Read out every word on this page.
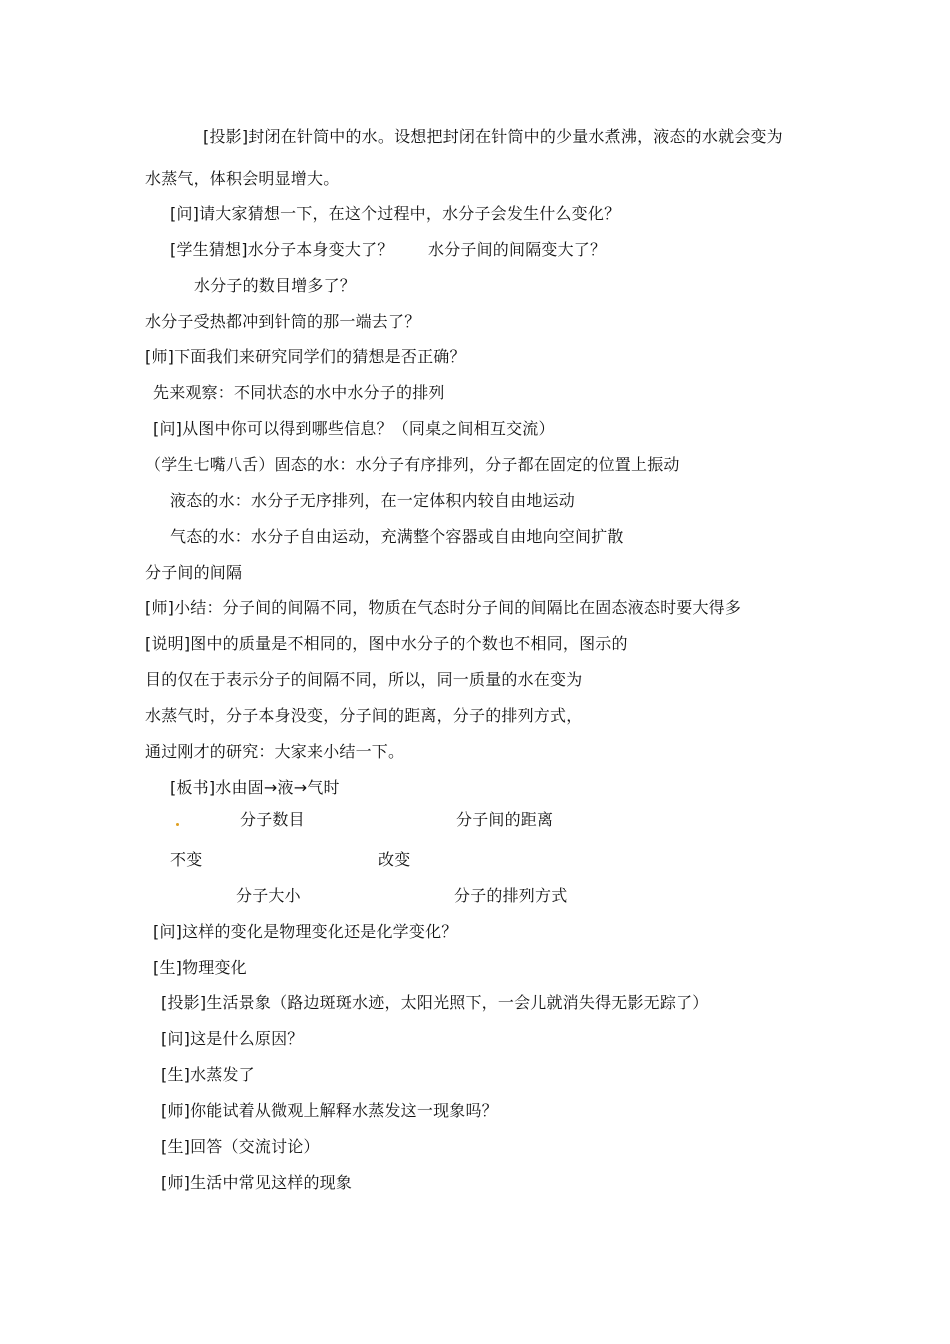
[投影]封闭在针筒中的水。设想把封闭在针筒中的少量水煮沸，液态的水就会变为
水蒸气，体积会明显增大。
[问]请大家猜想一下，在这个过程中，水分子会发生什么变化？
[学生猜想]水分子本身变大了？ 水分子间的间隔变大了？
水分子的数目增多了？
水分子受热都冲到针筒的那一端去了？
[师]下面我们来研究同学们的猜想是否正确？
先来观察：不同状态的水中水分子的排列
[问]从图中你可以得到哪些信息？（同桌之间相互交流）
（学生七嘴八舌）固态的水：水分子有序排列，分子都在固定的位置上振动
液态的水：水分子无序排列，在一定体积内较自由地运动
气态的水：水分子自由运动，充满整个容器或自由地向空间扩散
分子间的间隔
[师]小结：分子间的间隔不同，物质在气态时分子间的间隔比在固态液态时要大得多
[说明]图中的质量是不相同的，图中水分子的个数也不相同，图示的
目的仅在于表示分子的间隔不同，所以，同一质量的水在变为
水蒸气时，分子本身没变，分子间的距离，分子的排列方式，
通过刚才的研究：大家来小结一下。
[板书]水由固→液→气时
分子数目	分子间的距离
不变	改变
分子大小	分子的排列方式
[问]这样的变化是物理变化还是化学变化？
[生]物理变化
[投影]生活景象（路边斑斑水迹，太阳光照下，一会儿就消失得无影无踪了）
[问]这是什么原因？
[生]水蒸发了
[师]你能试着从微观上解释水蒸发这一现象吗？
[生]回答（交流讨论）
[师]生活中常见这样的现象
